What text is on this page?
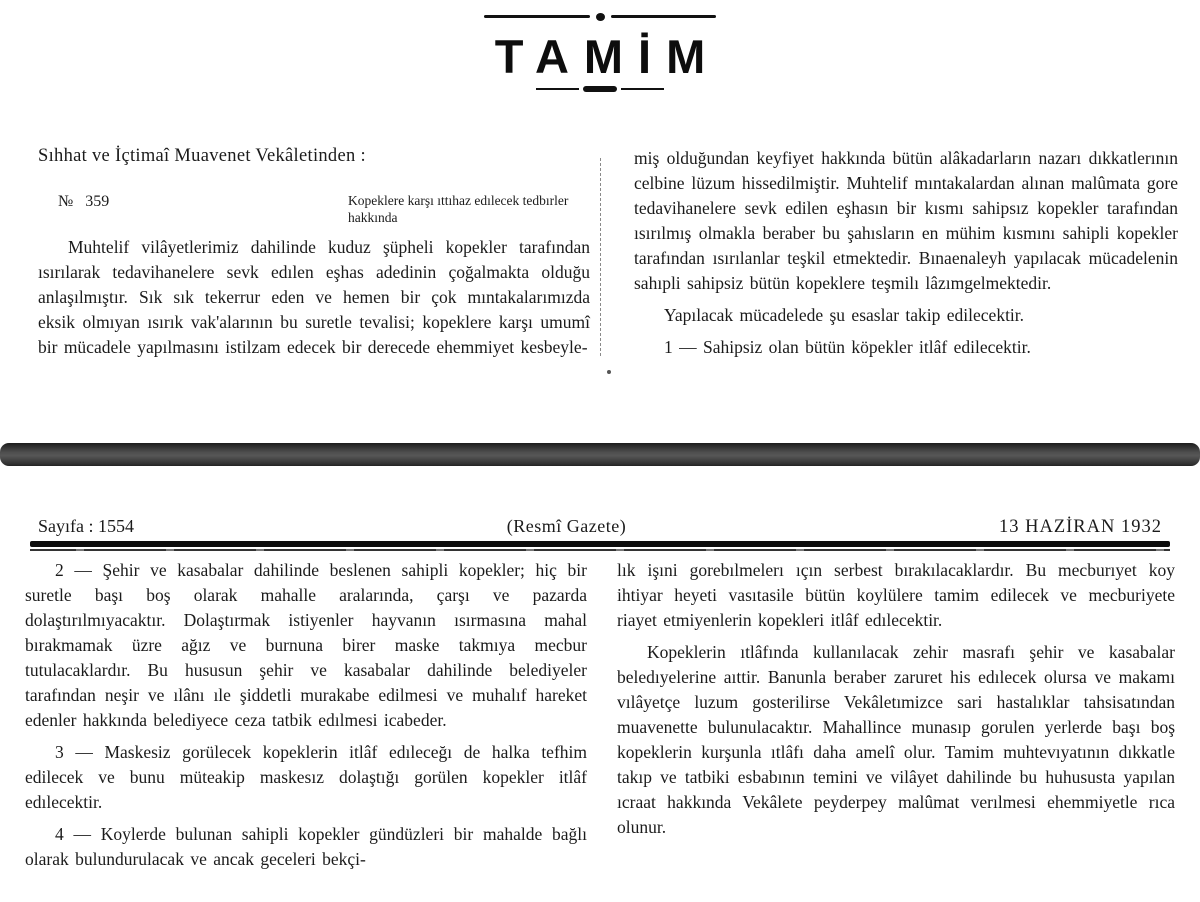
TAMİM
Sıhhat ve İçtimaî Muavenet Vekâletinden :
№   359	Kopeklere karşı ıttıhaz edılecek tedbırler hakkında

Muhtelif vilâyetlerimiz dahilinde kuduz şüpheli kopekler tarafından ısırılarak tedavihanelere sevk edılen eşhas adedinin çoğalmakta olduğu anlaşılmıştır. Sık sık tekerrur eden ve hemen bir çok mıntakalarımızda eksik olmıyan ısırık vak'alarının bu suretle tevalisi; kopeklere karşı umumî bir mücadele yapılmasını istilzam edecek bir derecede ehemmiyet kesbeyle-

miş olduğundan keyfiyet hakkında bütün alâkadarların nazarı dıkkatlerının celbine lüzum hissedilmiştir. Muhtelif mıntakalardan alınan malûmata gore tedavihanelere sevk edilen eşhasın bir kısmı sahipsız kopekler tarafından ısırılmış olmakla beraber bu şahısların en mühim kısmını sahipli kopekler tarafından ısırılanlar teşkil etmektedir. Bınaenaleyh yapılacak mücadelenin sahıpli sahipsiz bütün kopeklere teşmilı lâzımgelmektedir.

Yapılacak mücadelede şu esaslar takip edilecektir.

1 — Sahipsiz olan bütün köpekler itlâf edilecektir.

Sayıfa : 1554	(Resmî Gazete)	13 HAZİRAN 1932

2 — Şehir ve kasabalar dahilinde beslenen sahipli kopekler; hiç bir suretle başı boş olarak mahalle aralarında, çarşı ve pazarda dolaştırılmıyacaktır. Dolaştırmak istiyenler hayvanın ısırmasına mahal bırakmamak üzre ağız ve burnuna birer maske takmıya mecbur tutulacaklardır. Bu hususun şehir ve kasabalar dahilinde belediyeler tarafından neşir ve ılânı ıle şiddetli murakabe edilmesi ve muhalıf hareket edenler hakkında belediyece ceza tatbik edılmesi icabeder.

3 — Maskesiz gorülecek kopeklerin itlâf edıleceğı de halka tefhim edilecek ve bunu müteakip maskesız dolaştığı gorülen kopekler itlâf edılecektir.

4 — Koylerde bulunan sahipli kopekler gündüzleri bir mahalde bağlı olarak bulundurulacak ve ancak geceleri bekçi-

lık işıni gorebılmelerı ıçın serbest bırakılacaklardır. Bu mecburıyet koy ihtiyar heyeti vasıtasile bütün koylülere tamim edilecek ve mecburiyete riayet etmiyenlerin kopekleri itlâf edılecektir.

Kopeklerin ıtlâfında kullanılacak zehir masrafı şehir ve kasabalar beledıyelerine aıttir. Banunla beraber zaruret his edılecek olursa ve makamı vılâyetçe luzum gosterilirse Vekâletımizce sari hastalıklar tahsisatından muavenette bulunulacaktır. Mahallince munasıp gorulen yerlerde başı boş kopeklerin kurşunla ıtlâfı daha amelî olur. Tamim muhtevıyatının dıkkatle takıp ve tatbiki esbabının temini ve vilâyet dahilinde bu huhususta yapılan ıcraat hakkında Vekâlete peyderpey malûmat verılmesi ehemmiyetle rıca olunur.
